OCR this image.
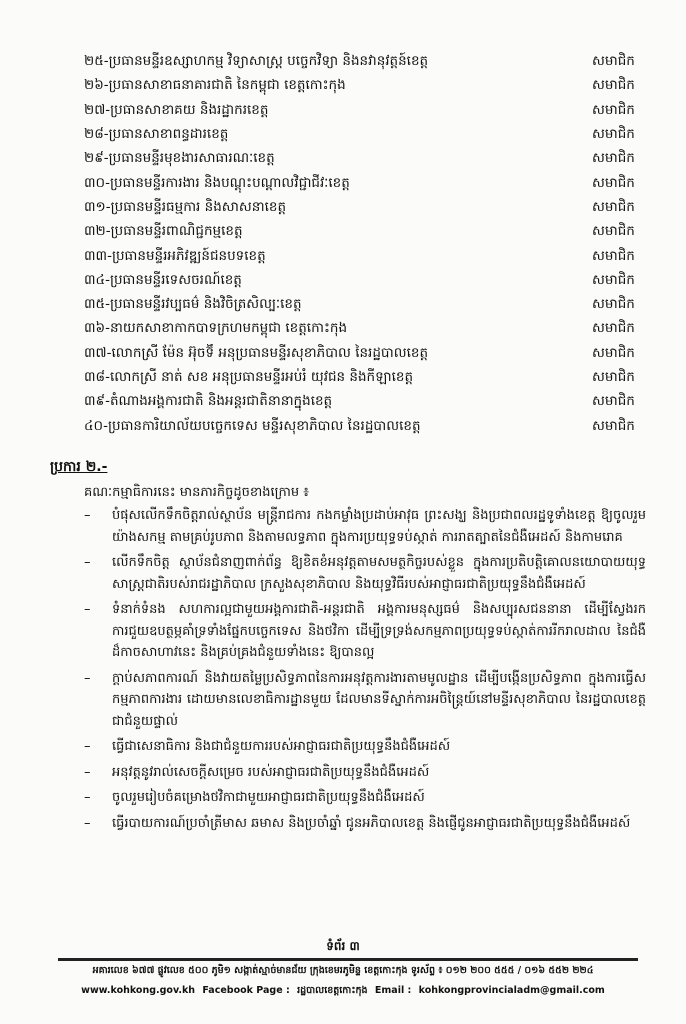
២៥-ប្រធានមន្ទីរឧស្សាហកម្ម វិទ្យាសាស្ត្រ បច្ចេកវិទ្យា និងនវានុវត្តន៍ខេត្ត	សមាជិក
២៦-ប្រធានសាខាធនាគារជាតិ នៃកម្ពុជា ខេត្តកោះកុង	សមាជិក
២៧-ប្រធានសាខាគយ និងរដ្ឋាករខេត្ត	សមាជិក
២៨-ប្រធានសាខាពន្ធដារខេត្ត	សមាជិក
២៩-ប្រធានមន្ទីរមុខងារសាធារណៈខេត្ត	សមាជិក
៣០-ប្រធានមន្ទីរការងារ និងបណ្តុះបណ្តាលវិជ្ជាជីវៈខេត្ត	សមាជិក
៣១-ប្រធានមន្ទីរធម្មការ និងសាសនាខេត្ត	សមាជិក
៣២-ប្រធានមន្ទីរពាណិជ្ជកម្មខេត្ត	សមាជិក
៣៣-ប្រធានមន្ទីរអភិវឌ្ឍន៍ជនបទខេត្ត	សមាជិក
៣៤-ប្រធានមន្ទីរទេសចរណ៍ខេត្ត	សមាជិក
៣៥-ប្រធានមន្ទីរវប្បធម៌ និងវិចិត្រសិល្បៈខេត្ត	សមាជិក
៣៦-នាយកសាខាកាកបាទក្រហមកម្ពុជា ខេត្តកោះកុង	សមាជិក
៣៧-លោកស្រី ម៉ែន អ៊ុចទ៊ី អនុប្រធានមន្ទីរសុខាភិបាល នៃរដ្ឋបាលខេត្ត	សមាជិក
៣៨-លោកស្រី នាត់ សខ អនុប្រធានមន្ទីរអប់រំ យុវជន និងកីឡាខេត្ត	សមាជិក
៣៩-តំណាងអង្គការជាតិ និងអន្តរជាតិនានាក្នុងខេត្ត	សមាជិក
៤០-ប្រធានការិយាល័យបច្ចេកទេស មន្ទីរសុខាភិបាល នៃរដ្ឋបាលខេត្ត	សមាជិក
ប្រការ ២.-
គណៈកម្មាធិការនេះ មានភារកិច្ចដូចខាងក្រោម ៖
–	បំផុសលើកទឹកចិត្តរាល់ស្ថាប័ន មន្ត្រីរាជការ កងកម្លាំងប្រដាប់អាវុធ ព្រះសង្ឃ និងប្រជាពលរដ្ឋទូទាំងខេត្ត ឱ្យចូលរួមយ៉ាងសកម្ម តាមគ្រប់រូបភាព និងតាមលទ្ធភាព ក្នុងការប្រយុទ្ធទប់ស្កាត់ ការរាតត្បាតនៃជំងឺអេដស៍ និងកាមរោគ
–	លើកទឹកចិត្ត ស្ថាប័នជំនាញពាក់ព័ន្ធ ឱ្យខិតខំអនុវត្តតាមសមត្ថកិច្ចរបស់ខ្លួន ក្នុងការប្រតិបត្តិគោលនយោបាយយុទ្ធសាស្ត្រជាតិរបស់រាជរដ្ឋាភិបាល ក្រសួងសុខាភិបាល និងយុទ្ធវិធីរបស់អាជ្ញាធរជាតិប្រយុទ្ធនឹងជំងឺអេដស៍
–	ទំនាក់ទំនង សហការល្អជាមួយអង្គការជាតិ-អន្តរជាតិ អង្គការមនុស្សធម៌ និងសប្បុរសជននានា ដើម្បីស្វែងរកការជួយឧបត្ថម្ភគាំទ្រទាំងផ្នែកបច្ចេកទេស និងថវិកា ដើម្បីទ្រទ្រង់សកម្មភាពប្រយុទ្ធទប់ស្កាត់ការរីករាលដាល នៃជំងឺដ៏កាចសាហាវនេះ និងគ្រប់គ្រងជំនួយទាំងនេះ ឱ្យបានល្អ
–	ក្តាប់សភាពការណ៍ និងវាយតម្លៃប្រសិទ្ធភាពនៃការអនុវត្តការងារតាមមូលដ្ឋាន ដើម្បីបង្កើនប្រសិទ្ធភាព ក្នុងការធ្វើសកម្មភាពការងារ ដោយមានលេខាធិការដ្ឋានមួយ ដែលមានទីស្នាក់ការអចិន្ត្រៃយ៍នៅមន្ទីរសុខាភិបាល នៃរដ្ឋបាលខេត្ត ជាជំនួយផ្ទាល់
–	ធ្វើជាសេនាធិការ និងជាជំនួយការរបស់អាជ្ញាធរជាតិប្រយុទ្ធនឹងជំងឺអេដស៍
–	អនុវត្តនូវរាល់សេចក្តីសម្រេច របស់អាជ្ញាធរជាតិប្រយុទ្ធនឹងជំងឺអេដស៍
–	ចូលរួមរៀបចំគម្រោងថវិកាជាមួយអាជ្ញាធរជាតិប្រយុទ្ធនឹងជំងឺអេដស៍
–	ធ្វើរបាយការណ៍ប្រចាំត្រីមាស ឆមាស និងប្រចាំឆ្នាំ ជូនអភិបាលខេត្ត និងផ្ញើជូនអាជ្ញាធរជាតិប្រយុទ្ធនឹងជំងឺអេដស៍
ទំព័រ ៣
អគារលេខ ៦៧៧ ផ្លូវលេខ ៥០០ ភូមិ១ សង្កាត់ស្មាច់មានជ័យ ក្រុងខេមរភូមិន្ទ ខេត្តកោះកុង ទូរស័ព្ទ ៖ ០១២ ២០០ ៥៥៥ / ០១៦ ៥៥២ ២២៤
www.kohkong.gov.kh Facebook Page : រដ្ឋបាលខេត្តកោះកុង Email : kohkongprovincialadm@gmail.com
